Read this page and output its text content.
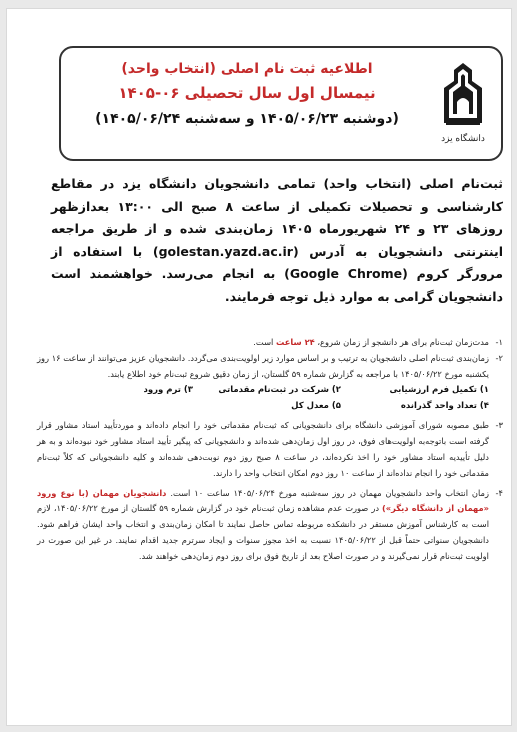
دانشگاه یزد
اطلاعیه ثبت نام اصلی (انتخاب واحد)
نیمسال اول سال تحصیلی ۰۶-۱۴۰۵
(دوشنبه ۱۴۰۵/۰۶/۲۳ و سه‌شنبه ۱۴۰۵/۰۶/۲۴)
ثبت‌نام اصلی (انتخاب واحد) تمامی دانشجویان دانشگاه یزد در مقاطع کارشناسی و تحصیلات تکمیلی از ساعت ۸ صبح الی ۱۳:۰۰ بعدازظهر روزهای ۲۳ و ۲۴ شهریورماه ۱۴۰۵ زمان‌بندی شده و از طریق مراجعه اینترنتی دانشجویان به آدرس (golestan.yazd.ac.ir) با استفاده از مرورگر کروم (Google Chrome) به انجام می‌رسد. خواهشمند است دانشجویان گرامی به موارد ذیل توجه فرمایند.
۱-
مدت‌زمان ثبت‌نام برای هر دانشجو از زمان شروع، ۲۴ ساعت است.
۲-
زمان‌بندی ثبت‌نام اصلی دانشجویان به ترتیب و بر اساس موارد زیر اولویت‌بندی می‌گردد. دانشجویان عزیز می‌توانند از ساعت ۱۶ روز یکشنبه مورخ ۱۴۰۵/۰۶/۲۲ با مراجعه به گزارش شماره ۵۹ گلستان، از زمان دقیق شروع ثبت‌نام خود اطلاع یابند.
۱) تکمیل فرم ارزشیابی
۲) شرکت در ثبت‌نام مقدماتی
۳) ترم ورود
۴) تعداد واحد گذرانده
۵) معدل کل
۳-
طبق مصوبه شورای آموزشی دانشگاه برای دانشجویانی که ثبت‌نام مقدماتی خود را انجام داده‌اند و مورد‌تأیید استاد مشاور قرار گرفته است باتوجه‌به اولویت‌های فوق، در روز اول زمان‌دهی شده‌اند و دانشجویانی که پیگیر تأیید استاد مشاور خود نبوده‌اند و به هر دلیل تأییدیه استاد مشاور خود را اخذ نکرده‌اند، در ساعت ۸ صبح روز دوم نوبت‌دهی شده‌اند و کلیه دانشجویانی که کلاً ثبت‌نام مقدماتی خود را انجام نداده‌اند از ساعت ۱۰ روز دوم امکان انتخاب واحد را دارند.
۴-
زمان انتخاب واحد دانشجویان مهمان در روز سه‌شنبه مورخ ۱۴۰۵/۰۶/۲۴ ساعت ۱۰ است. دانشجویان مهمان (با نوع ورود «مهمان از دانشگاه دیگر») در صورت عدم مشاهده زمان ثبت‌نام خود در گزارش شماره ۵۹ گلستان از مورخ ۱۴۰۵/۰۶/۲۲، لازم است به کارشناس آموزش مستقر در دانشکده مربوطه تماس حاصل نمایند تا امکان زمان‌بندی و انتخاب واحد ایشان فراهم شود. دانشجویان سنواتی حتماً قبل از ۱۴۰۵/۰۶/۲۲ نسبت به اخذ مجوز سنوات و ایجاد سرترم جدید اقدام نمایند. در غیر این صورت در اولویت ثبت‌نام قرار نمی‌گیرند و در صورت اصلاح بعد از تاریخ فوق برای روز دوم زمان‌دهی خواهند شد.
